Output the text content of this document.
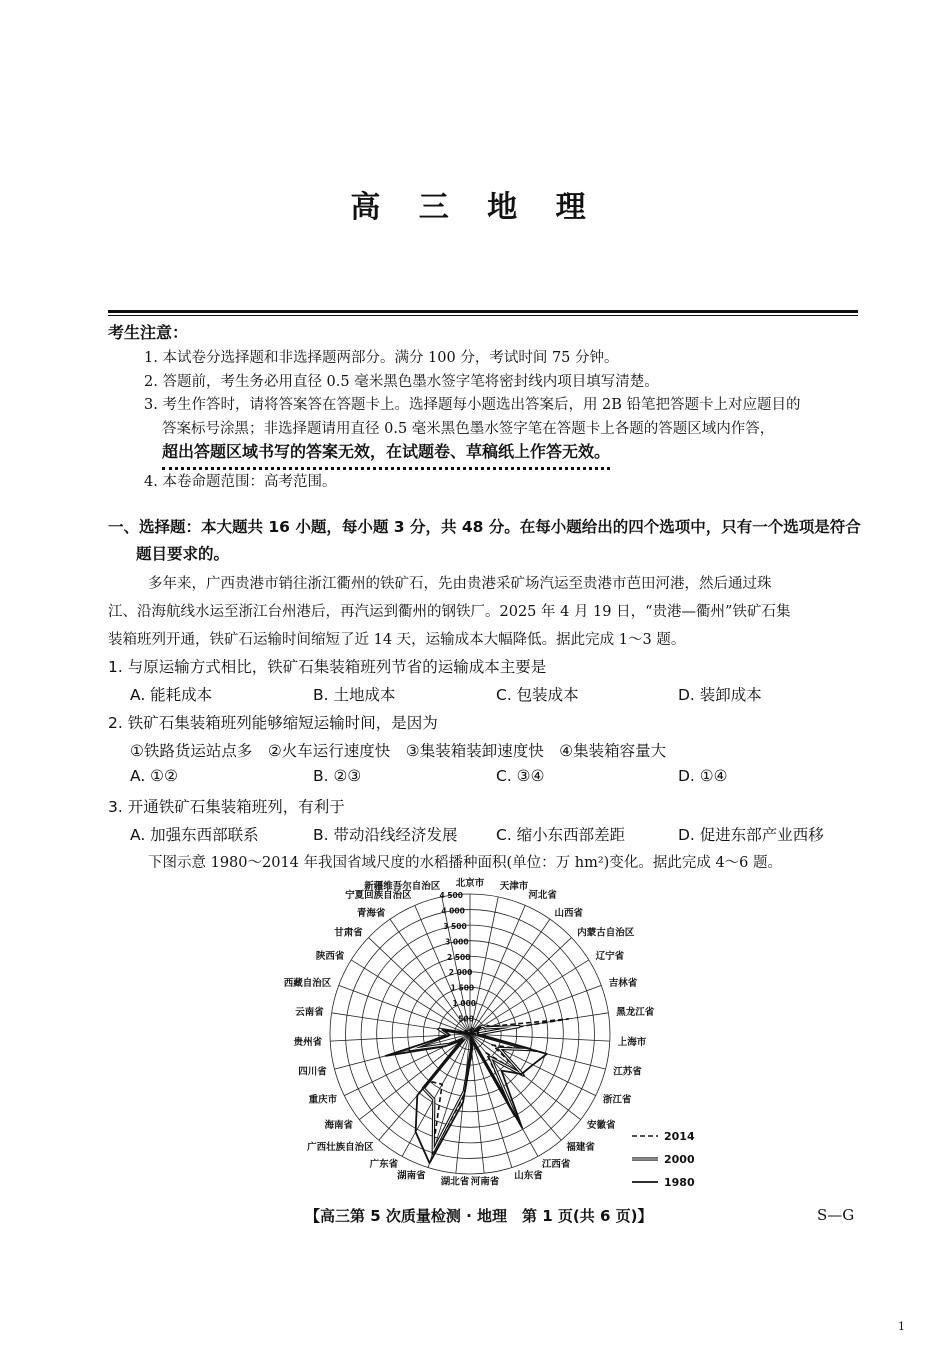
高 三 地 理
考生注意：
1. 本试卷分选择题和非选择题两部分。满分 100 分，考试时间 75 分钟。
2. 答题前，考生务必用直径 0.5 毫米黑色墨水签字笔将密封线内项目填写清楚。
3. 考生作答时，请将答案答在答题卡上。选择题每小题选出答案后，用 2B 铅笔把答题卡上对应题目的
答案标号涂黑；非选择题请用直径 0.5 毫米黑色墨水签字笔在答题卡上各题的答题区域内作答，
超出答题区域书写的答案无效，在试题卷、草稿纸上作答无效。
4. 本卷命题范围：高考范围。
一、选择题：本大题共 16 小题，每小题 3 分，共 48 分。在每小题给出的四个选项中，只有一个选项是符合
题目要求的。
多年来，广西贵港市销往浙江衢州的铁矿石，先由贵港采矿场汽运至贵港市芭田河港，然后通过珠
江、沿海航线水运至浙江台州港后，再汽运到衢州的钢铁厂。2025 年 4 月 19 日，“贵港—衢州”铁矿石集
装箱班列开通，铁矿石运输时间缩短了近 14 天，运输成本大幅降低。据此完成 1～3 题。
1. 与原运输方式相比，铁矿石集装箱班列节省的运输成本主要是
A. 能耗成本	B. 土地成本	C. 包装成本	D. 装卸成本
2. 铁矿石集装箱班列能够缩短运输时间，是因为
①铁路货运站点多　②火车运行速度快　③集装箱装卸速度快　④集装箱容量大
A. ①②	B. ②③	C. ③④	D. ①④
3. 开通铁矿石集装箱班列，有利于
A. 加强东西部联系	B. 带动沿线经济发展 C. 缩小东西部差距	D. 促进东部产业西移
下图示意 1980～2014 年我国省域尺度的水稻播种面积(单位：万 hm²)变化。据此完成 4～6 题。
北京市 天津市
河北省
山西省
内蒙古自治区
辽宁省
吉林省
黑龙江省
上海市
江苏省
浙江省
安徽省
福建省
江西省
山东省
河南省
湖北省
湖南省
广东省
广西壮族自治区
海南省
重庆市
四川省
贵州省
云南省
西藏自治区
陕西省
甘肃省
青海省
宁夏回族自治区
新疆维吾尔自治区
500
1 000
1 500
2 000
2 500
3 000
3 500
4 000
4 500
2014
2000
1980
【高三第 5 次质量检测 · 地理　第 1 页(共 6 页)】	S—G
1
